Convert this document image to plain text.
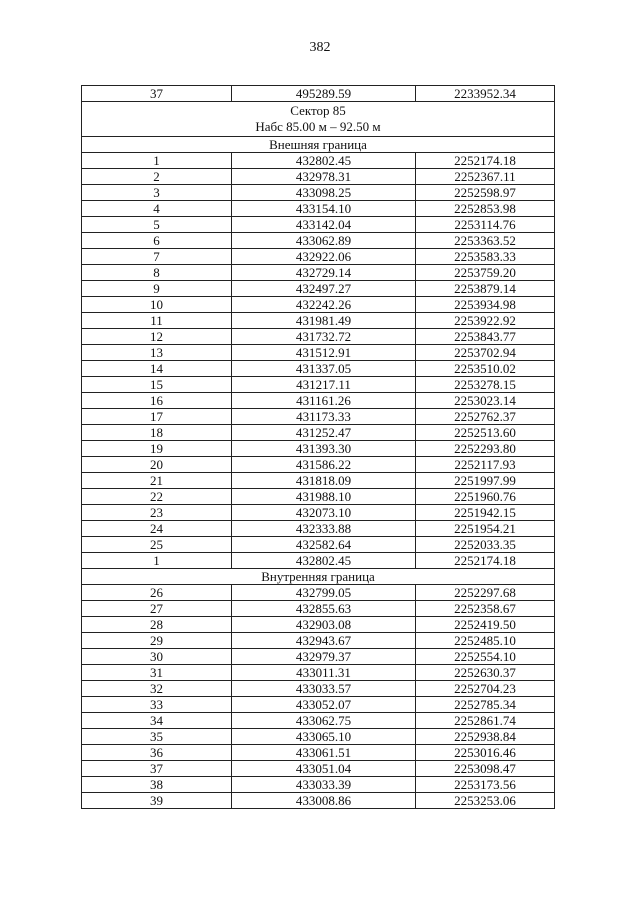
382
37	495289.59	2233952.34

Сектор 85
Набс 85.00 м – 92.50 м		

Внешняя граница		
1	432802.45	2252174.18
2	432978.31	2252367.11
3	433098.25	2252598.97
4	433154.10	2252853.98
5	433142.04	2253114.76
6	433062.89	2253363.52
7	432922.06	2253583.33
8	432729.14	2253759.20
9	432497.27	2253879.14
10	432242.26	2253934.98
11	431981.49	2253922.92
12	431732.72	2253843.77
13	431512.91	2253702.94
14	431337.05	2253510.02
15	431217.11	2253278.15
16	431161.26	2253023.14
17	431173.33	2252762.37
18	431252.47	2252513.60
19	431393.30	2252293.80
20	431586.22	2252117.93
21	431818.09	2251997.99
22	431988.10	2251960.76
23	432073.10	2251942.15
24	432333.88	2251954.21
25	432582.64	2252033.35
1	432802.45	2252174.18
Внутренняя граница		
26	432799.05	2252297.68
27	432855.63	2252358.67
28	432903.08	2252419.50
29	432943.67	2252485.10
30	432979.37	2252554.10
31	433011.31	2252630.37
32	433033.57	2252704.23
33	433052.07	2252785.34
34	433062.75	2252861.74
35	433065.10	2252938.84
36	433061.51	2253016.46
37	433051.04	2253098.47
38	433033.39	2253173.56
39	433008.86	2253253.06
